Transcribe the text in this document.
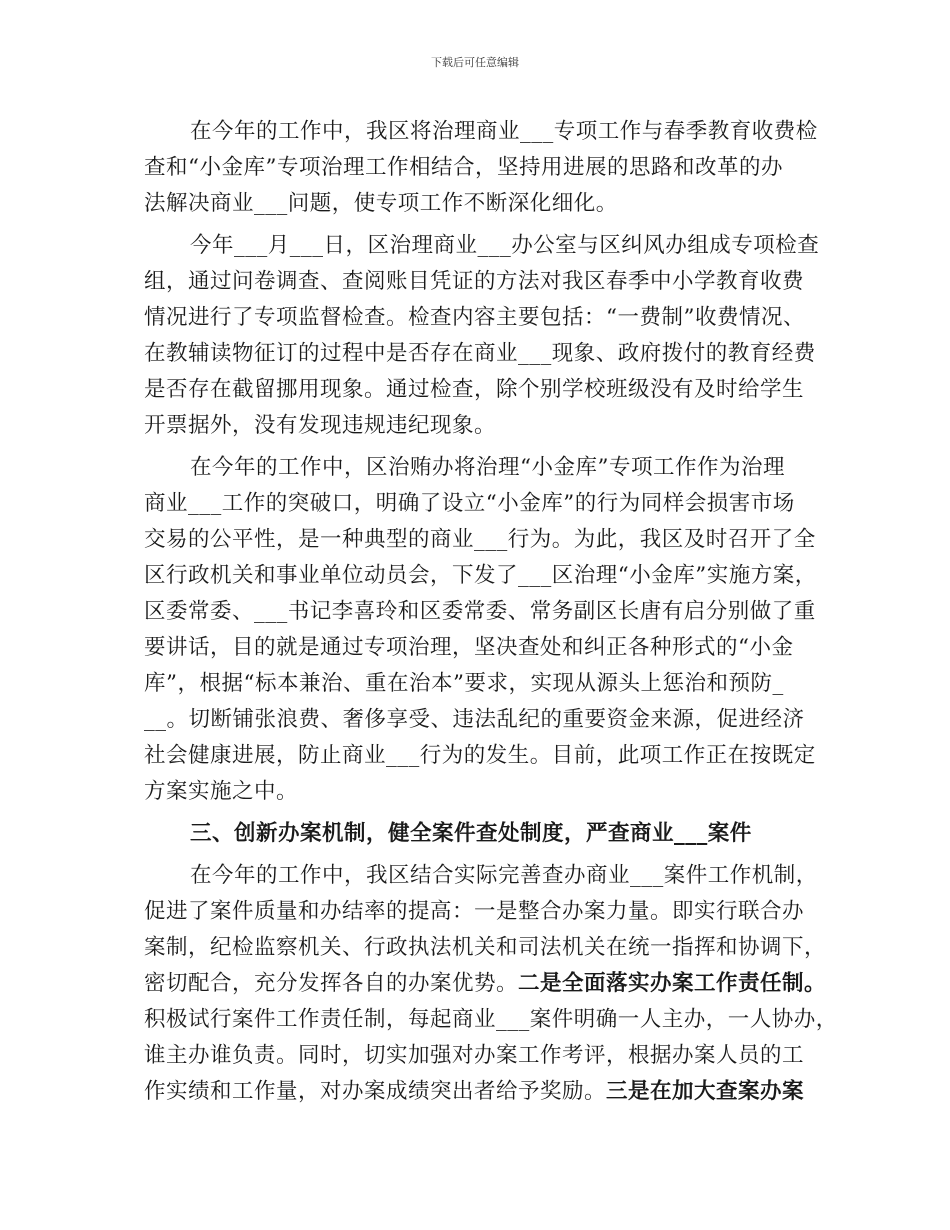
下载后可任意编辑
在今年的工作中，我区将治理商业___专项工作与春季教育收费检
查和“小金库”专项治理工作相结合，坚持用进展的思路和改革的办
法解决商业___问题，使专项工作不断深化细化。
今年___月___日，区治理商业___办公室与区纠风办组成专项检查
组，通过问卷调查、查阅账目凭证的方法对我区春季中小学教育收费
情况进行了专项监督检查。检查内容主要包括：“一费制”收费情况、
在教辅读物征订的过程中是否存在商业___现象、政府拨付的教育经费
是否存在截留挪用现象。通过检查，除个别学校班级没有及时给学生
开票据外，没有发现违规违纪现象。
在今年的工作中，区治贿办将治理“小金库”专项工作作为治理
商业___工作的突破口，明确了设立“小金库”的行为同样会损害市场
交易的公平性，是一种典型的商业___行为。为此，我区及时召开了全
区行政机关和事业单位动员会，下发了___区治理“小金库”实施方案，
区委常委、___书记李喜玲和区委常委、常务副区长唐有启分别做了重
要讲话，目的就是通过专项治理，坚决查处和纠正各种形式的“小金
库”，根据“标本兼治、重在治本”要求，实现从源头上惩治和预防_
__。切断铺张浪费、奢侈享受、违法乱纪的重要资金来源，促进经济
社会健康进展，防止商业___行为的发生。目前，此项工作正在按既定
方案实施之中。
三、创新办案机制，健全案件查处制度，严查商业___案件
在今年的工作中，我区结合实际完善查办商业___案件工作机制，
促进了案件质量和办结率的提高：一是整合办案力量。即实行联合办
案制，纪检监察机关、行政执法机关和司法机关在统一指挥和协调下，
密切配合，充分发挥各自的办案优势。二是全面落实办案工作责任制。
积极试行案件工作责任制，每起商业___案件明确一人主办，一人协办，
谁主办谁负责。同时，切实加强对办案工作考评，根据办案人员的工
作实绩和工作量，对办案成绩突出者给予奖励。三是在加大查案办案
